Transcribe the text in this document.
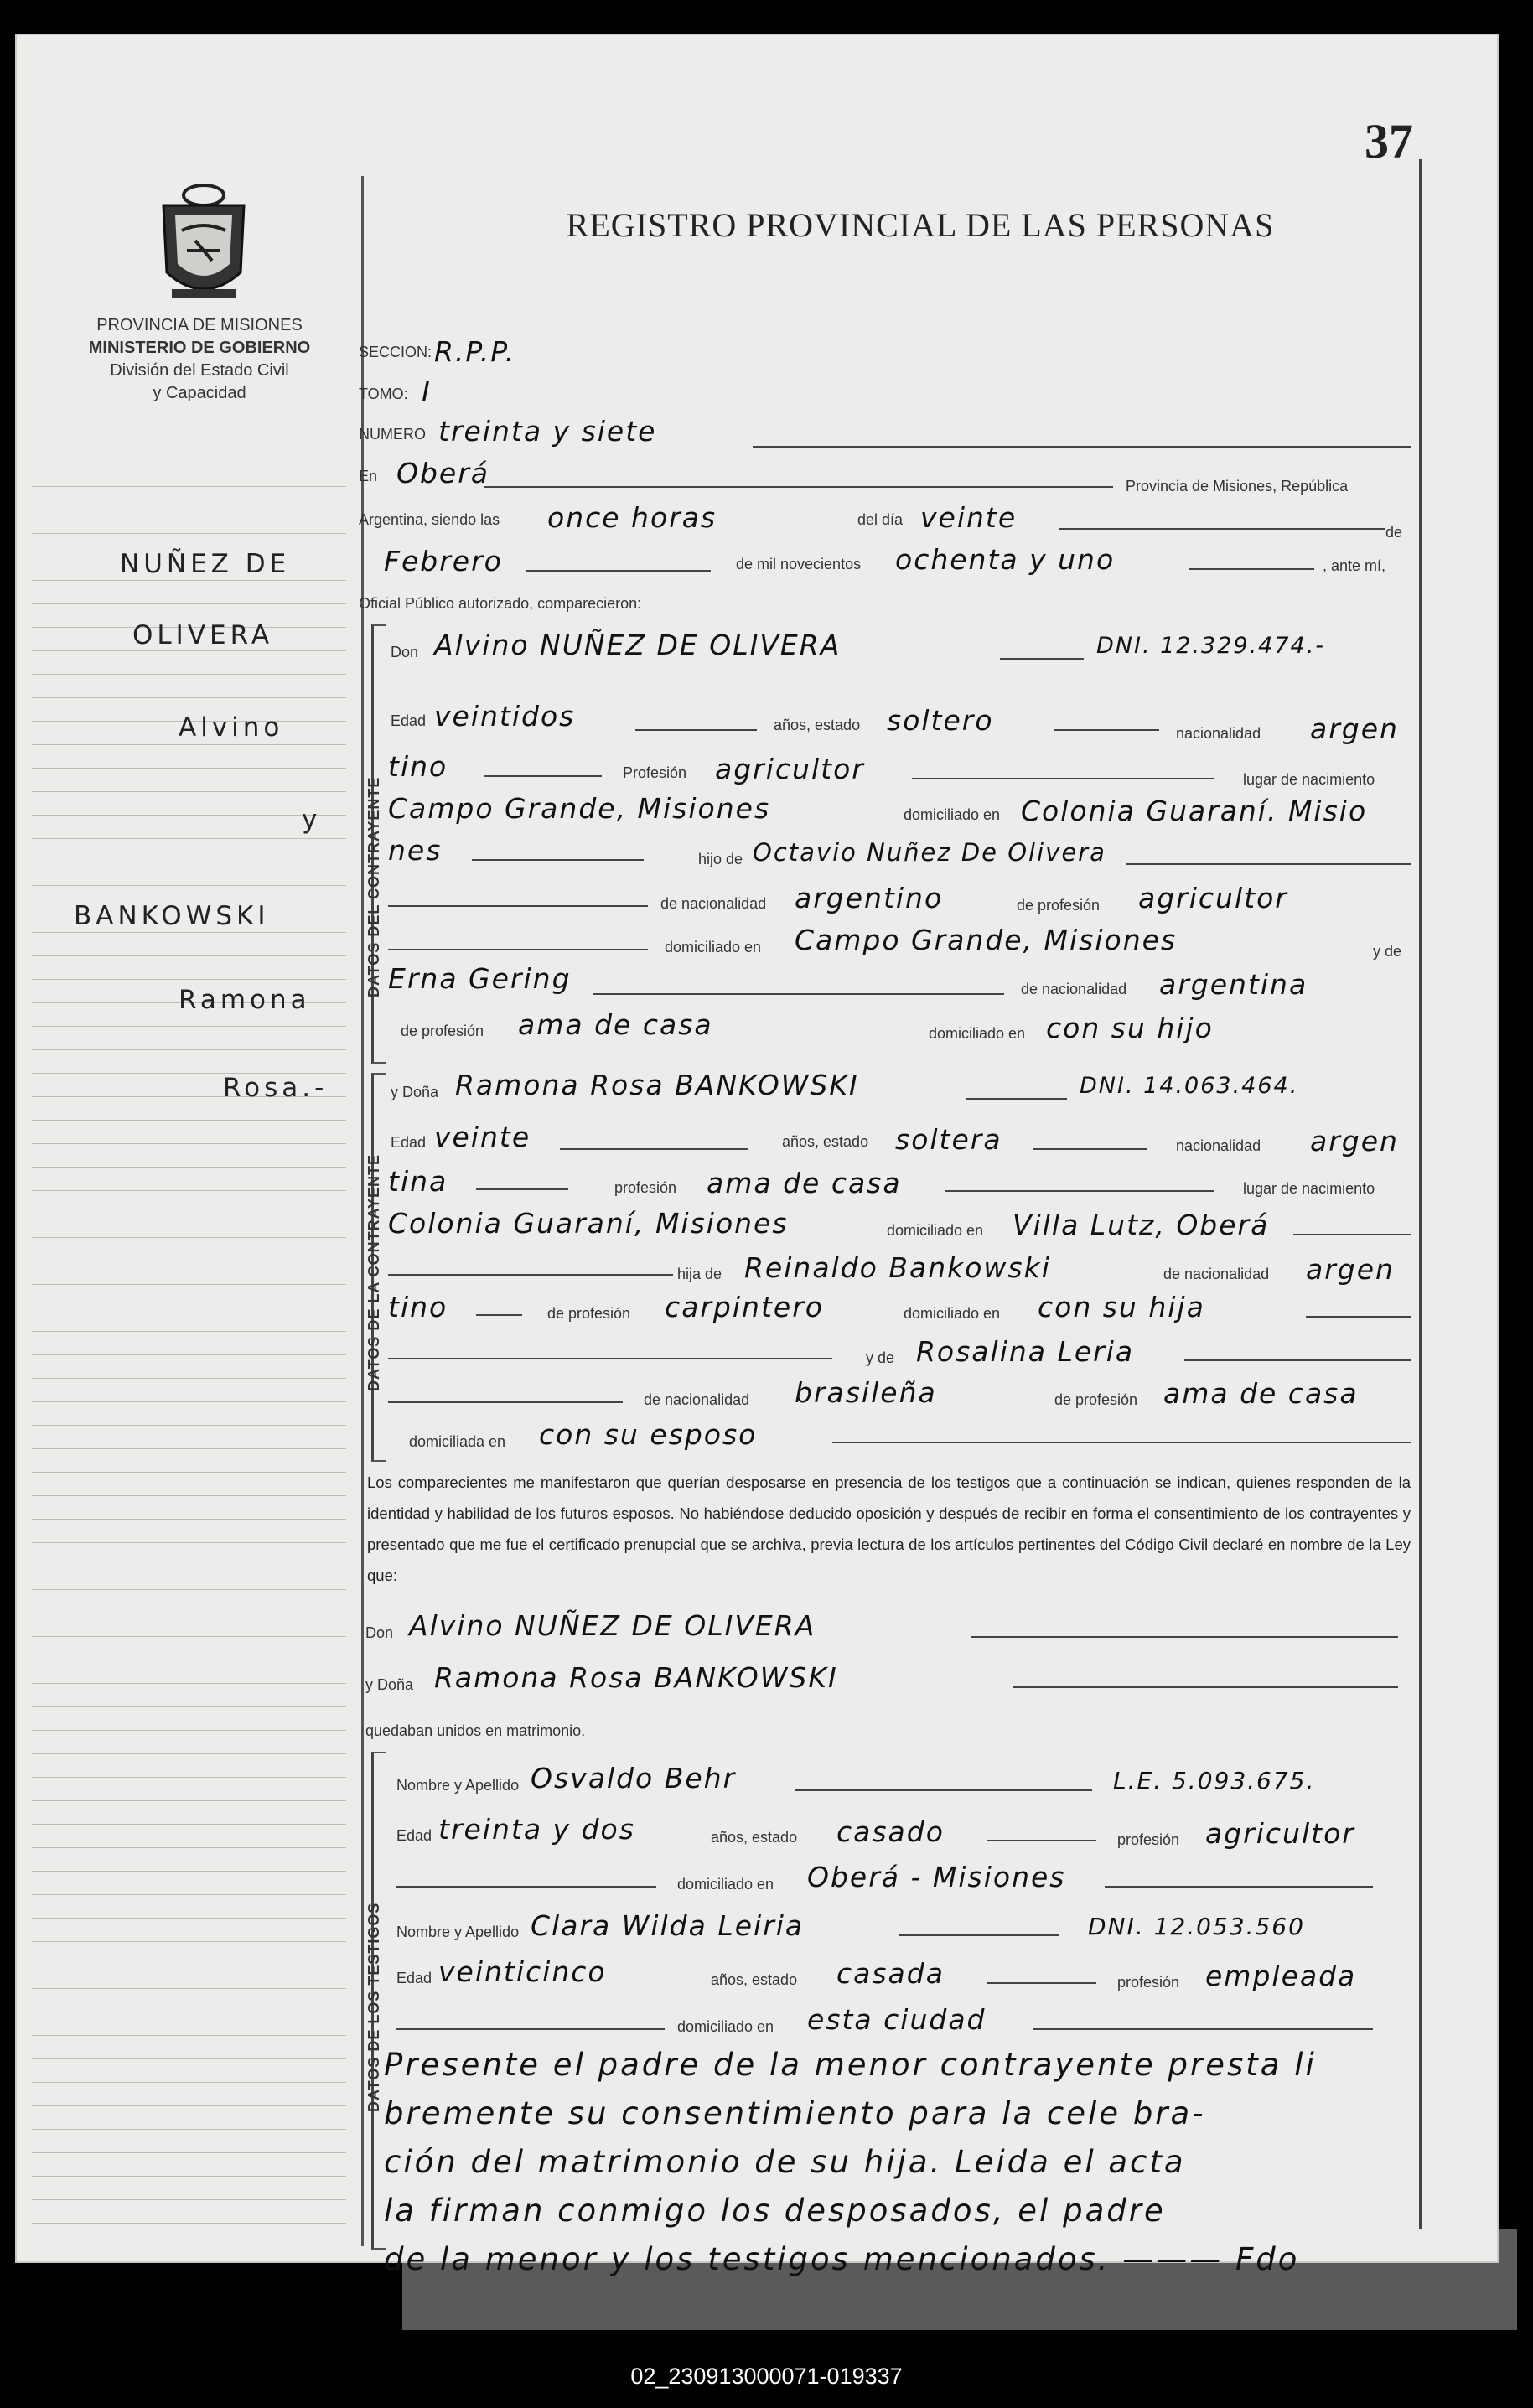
37
REGISTRO PROVINCIAL DE LAS PERSONAS
PROVINCIA DE MISIONES
MINISTERIO DE GOBIERNO
División del Estado Civil
y Capacidad
NUÑEZ DE
OLIVERA
Alvino
y
BANKOWSKI
Ramona
Rosa.-
SECCION: R.P.P.
TOMO: I
NUMERO treinta y siete
En Oberá	Provincia de Misiones, República
Argentina, siendo las once horas	del día veinte	de
Febrero	de mil novecientos ochenta y uno	, ante mí,
Oficial Público autorizado, comparecieron:
DATOS DEL CONTRAYENTE
Don Alvino NUÑEZ DE OLIVERA	DNI. 12.329.474.-
Edad veintidos	años, estado soltero	nacionalidad argen
tino	Profesión agricultor	lugar de nacimiento
Campo Grande, Misiones	domiciliado en Colonia Guaraní. Misio
nes	hijo de Octavio Nuñez De Olivera
de nacionalidad argentino	de profesión agricultor
domiciliado en Campo Grande, Misiones	y de
Erna Gering	de nacionalidad argentina
de profesión ama de casa	domiciliado en con su hijo
DATOS DE LA CONTRAYENTE
y Doña Ramona Rosa BANKOWSKI	DNI. 14.063.464.
Edad veinte	años, estado soltera	nacionalidad argen
tina	profesión ama de casa	lugar de nacimiento
Colonia Guaraní, Misiones	domiciliado en Villa Lutz, Oberá
hija de Reinaldo Bankowski	de nacionalidad argen
tino	de profesión carpintero	domiciliado en con su hija
y de Rosalina Leria
de nacionalidad brasileña	de profesión ama de casa
domiciliada en con su esposo
Los comparecientes me manifestaron que querían desposarse en presencia de los testigos que a continuación se indican, quienes responden de la identidad y habilidad de los futuros esposos. No habiéndose deducido oposición y después de recibir en forma el consentimiento de los contrayentes y presentado que me fue el certificado prenupcial que se archiva, previa lectura de los artículos pertinentes del Código Civil declaré en nombre de la Ley que:
Don Alvino NUÑEZ DE OLIVERA
y Doña Ramona Rosa BANKOWSKI
quedaban unidos en matrimonio.
DATOS DE LOS TESTIGOS
Nombre y Apellido Osvaldo Behr	L.E. 5.093.675.
Edad treinta y dos	años, estado casado	profesión agricultor
domiciliado en Oberá - Misiones
Nombre y Apellido Clara Wilda Leiria	DNI. 12.053.560
Edad veinticinco	años, estado casada	profesión empleada
domiciliado en esta ciudad
Presente el padre de la menor contrayente presta li
bremente su consentimiento para la cele bra-
ción del matrimonio de su hija. Leida el acta
la firman conmigo los desposados, el padre
de la menor y los testigos mencionados. ——— Fdo
02_230913000071-019337
